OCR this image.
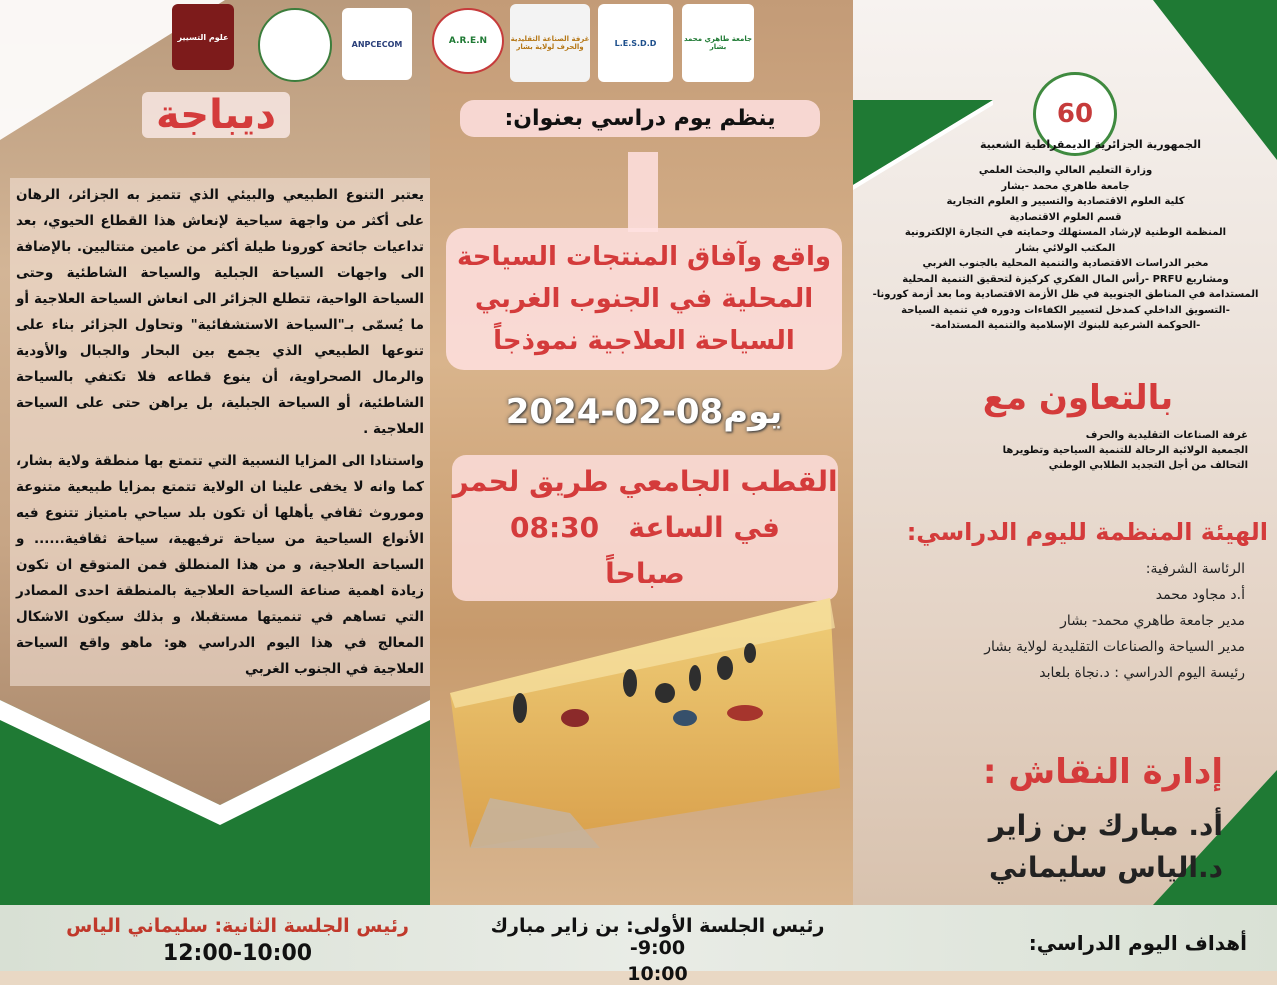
ديباجة

يعتبر التنوع الطبيعي والبيئي الذي تتميز به الجزائر، الرهان على أكثر من واجهة سياحية لإنعاش هذا القطاع الحيوي، بعد تداعيات جائحة كورونا طيلة أكثر من عامين متتاليين. بالإضافة الى واجهات السياحة الجبلية والسياحة الشاطئية وحتى السياحة الواحية، تتطلع الجزائر الى انعاش السياحة العلاجية أو ما يُسمّى بـ"السياحة الاستشفائية" وتحاول الجزائر بناء على تنوعها الطبيعي الذي يجمع بين البحار والجبال والأودية والرمال الصحراوية، أن ينوع قطاعه فلا تكتفي بالسياحة الشاطئية، أو السياحة الجبلية، بل يراهن حتى على السياحة العلاجية .

واستنادا الى المزايا النسبية التي تتمتع بها منطقة ولاية بشار، كما وانه لا يخفى علينا ان الولاية تتمتع بمزايا طبيعية متنوعة وموروث ثقافي يأهلها أن تكون بلد سياحي بامتياز تتنوع فيه الأنواع السياحية من سياحة ترفيهية، سياحة ثقافية...... و السياحة العلاجية، و من هذا المنطلق فمن المتوقع ان تكون زيادة اهمية صناعة السياحة العلاجية بالمنطقة احدى المصادر التي تساهم في تنميتها مستقبلا، و بذلك سيكون الاشكال المعالج في هذا اليوم الدراسي هو: ماهو واقع السياحة العلاجية في الجنوب الغربي

ينظم يوم دراسي بعنوان:
واقع وآفاق المنتجات السياحة
المحلية في الجنوب الغربي
السياحة العلاجية نموذجاً
2024-02-08يوم
القطب الجامعي طريق لحمر
في الساعة   08:30
صباحاً
60
الجمهورية الجزائرية الديمقراطية الشعبية
وزارة التعليم العالي والبحث العلمي
جامعة طاهري محمد -بشار
كلية العلوم الاقتصادية والتسيير و العلوم التجارية
قسم العلوم الاقتصادية
المنظمة الوطنية لإرشاد المستهلك وحمايته في التجارة الإلكترونية
المكتب الولائي بشار
مخبر الدراسات الاقتصادية والتنمية المحلية بالجنوب الغربي
ومشاريع PRFU -رأس المال الفكري كركيزة لتحقيق التنمية المحلية
المستدامة في المناطق الجنوبية في ظل الأزمة الاقتصادية وما بعد أزمة كورونا-
-التسويق الداخلي كمدخل لتسيير الكفاءات ودوره في تنمية السياحة
-الحوكمة الشرعية للبنوك الإسلامية والتنمية المستدامة-
بالتعاون مع
غرفة الصناعات التقليدية والحرف
الجمعية الولائية الرحالة للتنمية السياحية وتطويرها
التحالف من أجل التجديد الطلابي الوطني
الهيئة المنظمة لليوم الدراسي:
الرئاسة الشرفية:
أ.د مجاود محمد
مدير جامعة طاهري محمد- بشار
مدير السياحة والصناعات التقليدية لولاية بشار
رئيسة اليوم الدراسي : د.نجاة بلعابد
إدارة النقاش :
أد. مبارك بن زاير
د.الياس سليماني
علوم التسيير
ANPCECOM	A.R.E.N	غرفة الصناعة التقليدية والحرف لولاية بشار	L.E.S.D.D	جامعة طاهري محمد بشار
أهداف اليوم الدراسي:
رئيس الجلسة الأولى: بن زاير مبارك 9:00-
10:00
رئيس الجلسة الثانية: سليماني الياس
12:00-10:00
